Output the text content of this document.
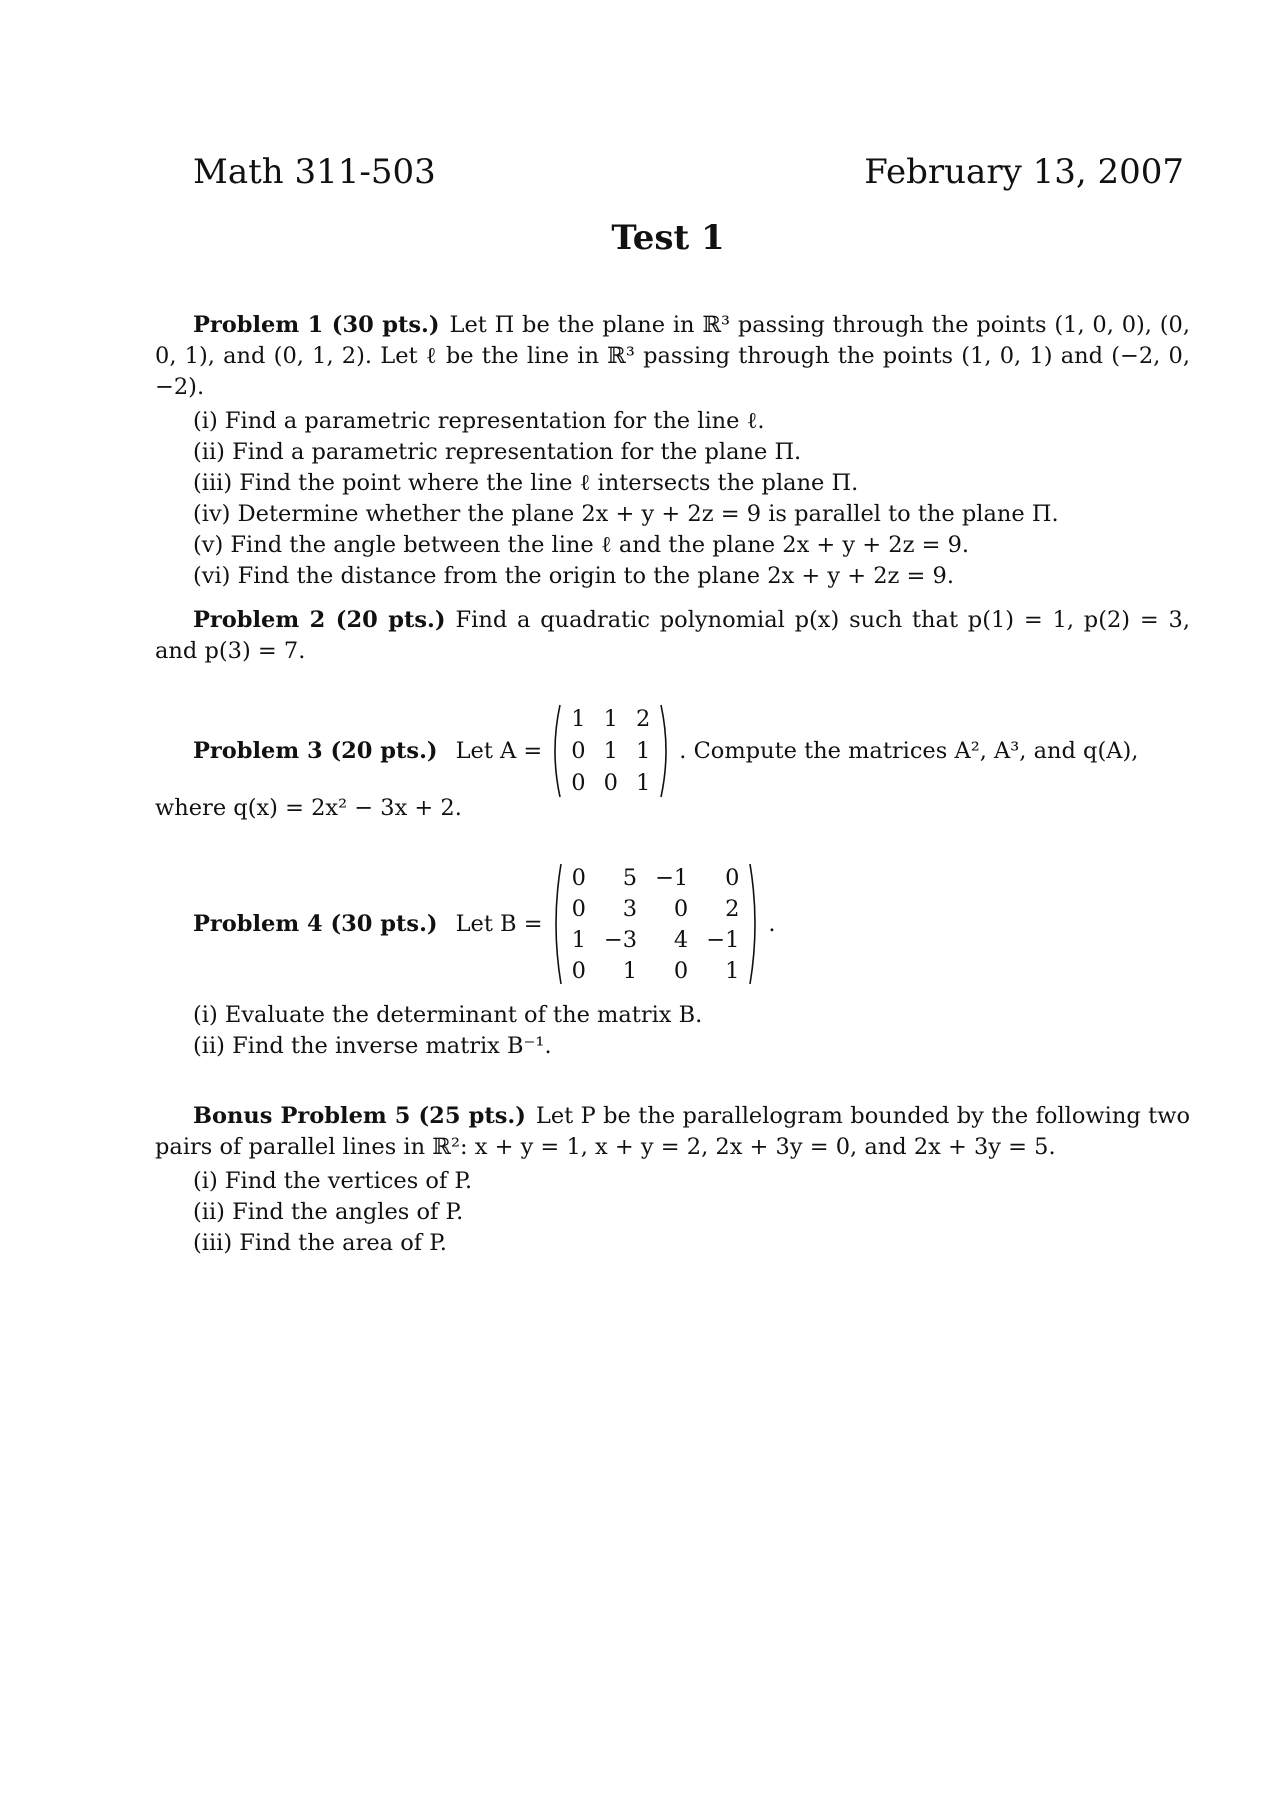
Math 311-503	February 13, 2007
Test 1

Problem 1 (30 pts.) Let Π be the plane in ℝ³ passing through the points (1, 0, 0), (0, 0, 1), and (0, 1, 2). Let ℓ be the line in ℝ³ passing through the points (1, 0, 1) and (−2, 0, −2).

(i) Find a parametric representation for the line ℓ.
(ii) Find a parametric representation for the plane Π.
(iii) Find the point where the line ℓ intersects the plane Π.
(iv) Determine whether the plane 2x + y + 2z = 9 is parallel to the plane Π.
(v) Find the angle between the line ℓ and the plane 2x + y + 2z = 9.
(vi) Find the distance from the origin to the plane 2x + y + 2z = 9.

Problem 2 (20 pts.) Find a quadratic polynomial p(x) such that p(1) = 1, p(2) = 3, and p(3) = 7.

Problem 3 (20 pts.) Let A =
1	1	2
0	1	1
0	0	1
. Compute the matrices A², A³, and q(A),
where q(x) = 2x² − 3x + 2.
Problem 4 (30 pts.) Let B =
0	5	−1	0
0	3	0	2
1	−3	4	−1
0	1	0	1
.
(i) Evaluate the determinant of the matrix B.
(ii) Find the inverse matrix B⁻¹.

Bonus Problem 5 (25 pts.) Let P be the parallelogram bounded by the following two pairs of parallel lines in ℝ²: x + y = 1, x + y = 2, 2x + 3y = 0, and 2x + 3y = 5.

(i) Find the vertices of P.
(ii) Find the angles of P.
(iii) Find the area of P.
